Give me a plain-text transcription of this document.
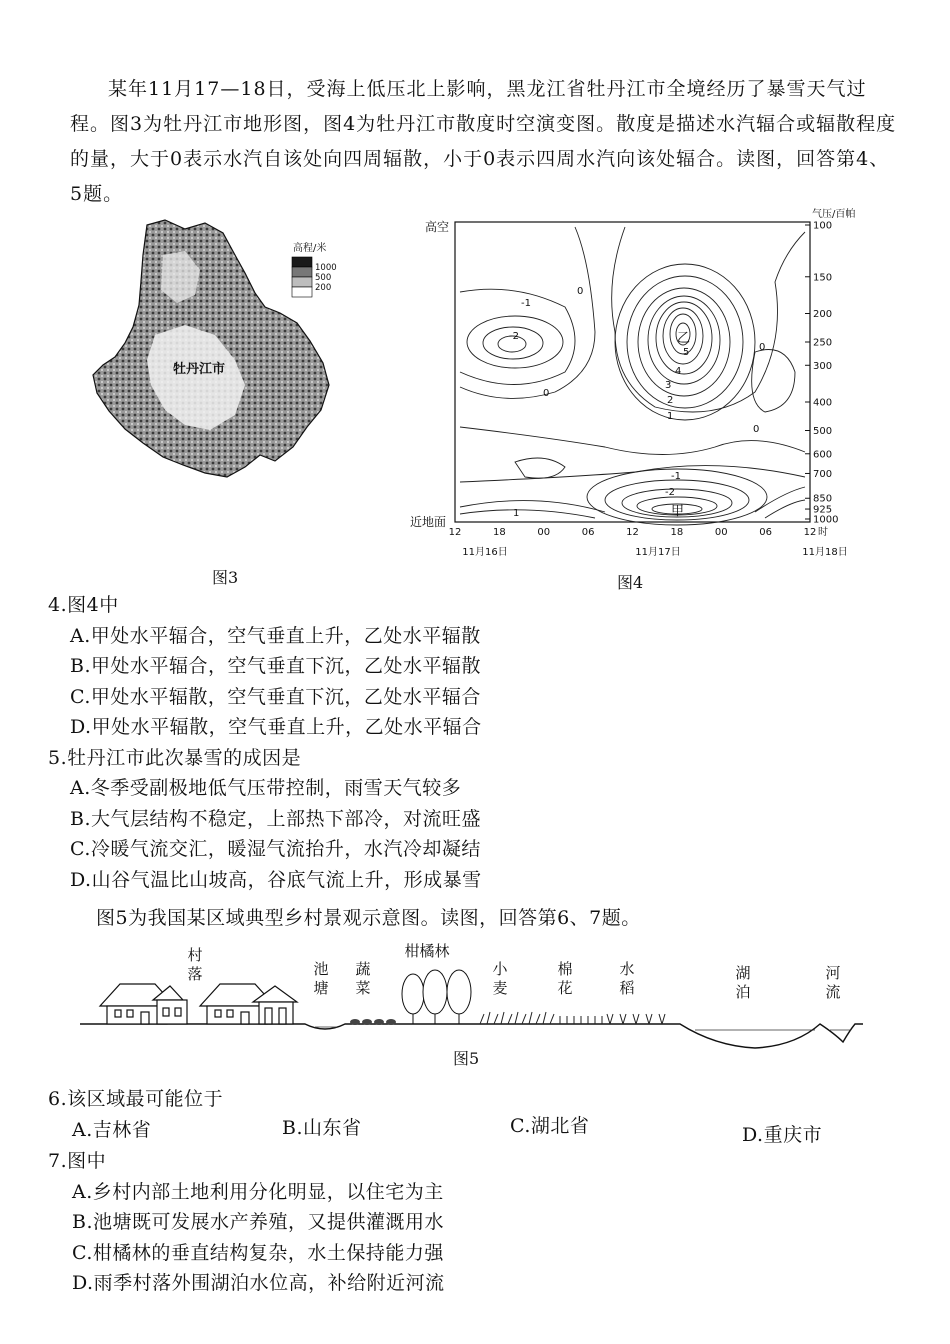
某年11月17—18日，受海上低压北上影响，黑龙江省牡丹江市全境经历了暴雪天气过程。图3为牡丹江市地形图，图4为牡丹江市散度时空演变图。散度是描述水汽辐合或辐散程度的量，大于0表示水汽自该处向四周辐散，小于0表示四周水汽向该处辐合。读图，回答第4、5题。

牡丹江市
高程/米
1000
500
200
图3
高空
近地面
气压/百帕
-1
-2
0
0
0
0
乙
5
4
3
2
1
-1
-2
甲
1
100
150
200
250
300
400
500
600
700
850
925
1000
12	18	00	06	12	18	00	06	12 时
11月16日	11月17日	11月18日
图4
4.图4中
A.甲处水平辐合，空气垂直上升，乙处水平辐散
B.甲处水平辐合，空气垂直下沉，乙处水平辐散
C.甲处水平辐散，空气垂直下沉，乙处水平辐合
D.甲处水平辐散，空气垂直上升，乙处水平辐合
5.牡丹江市此次暴雪的成因是
A.冬季受副极地低气压带控制，雨雪天气较多
B.大气层结构不稳定，上部热下部冷，对流旺盛
C.冷暖气流交汇，暖湿气流抬升，水汽冷却凝结
D.山谷气温比山坡高，谷底气流上升，形成暴雪
图5为我国某区域典型乡村景观示意图。读图，回答第6、7题。
村
落	池
塘
蔬
菜
小
麦
棉
花
水
稻
湖
泊
河
流
柑橘林
图5
6.该区域最可能位于
A.吉林省	B.山东省	C.湖北省	D.重庆市
7.图中
A.乡村内部土地利用分化明显，以住宅为主
B.池塘既可发展水产养殖，又提供灌溉用水
C.柑橘林的垂直结构复杂，水土保持能力强
D.雨季村落外围湖泊水位高，补给附近河流
